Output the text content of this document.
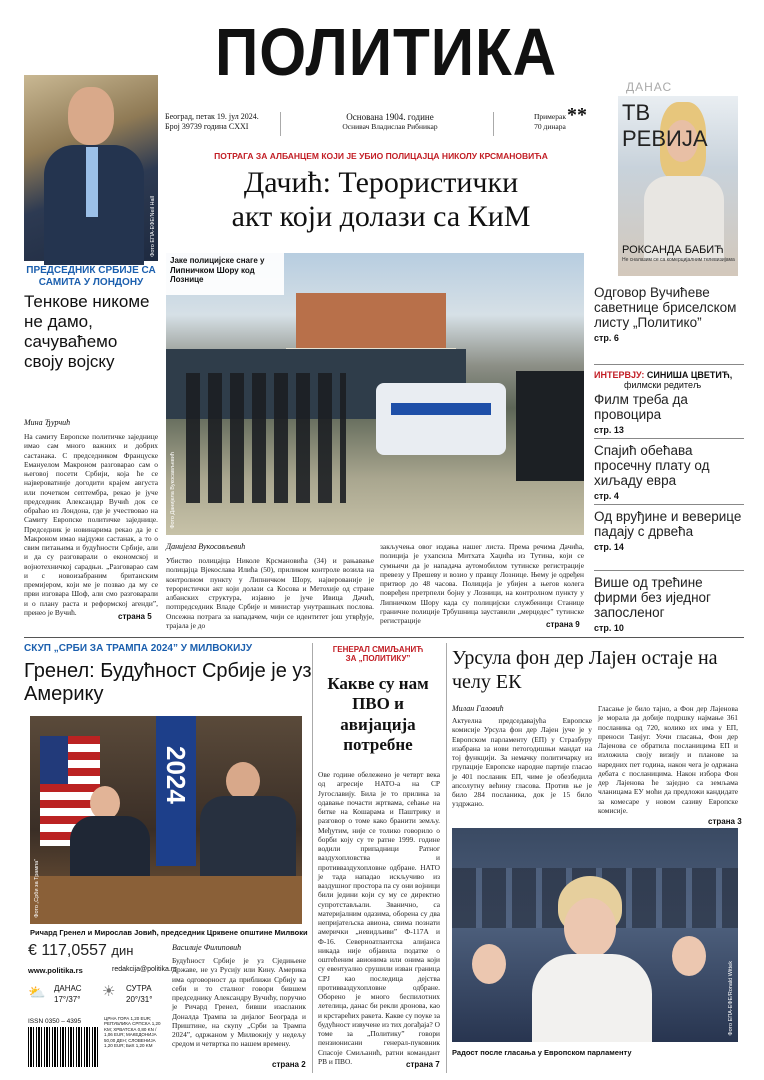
ПОЛИТИКА
Београд, петак 19. јул 2024.
Број 39739 година CXXI
Основана 1904. године
Оснивач Владислав Рибникар
Примерак
70 динара
**
Фото ЕПА-ЕФЕ/Neil Hall
ПРЕДСЕДНИК СРБИЈЕ СА САМИТА У ЛОНДОНУ
Тенкове никоме не дамо, сачуваћемо своју војску
Мина Ђурчић
На самиту Европске политичке заједнице имао сам много важних и добрих састанака. С председником Француске Емануелом Макроном разговарао сам о његовој посети Србији, која ће се највероватније догодити крајем августа или почетком септембра, рекао је јуче председник Александар Вучић док се обраћао из Лондона, где је учествовао на Самиту Европске политичке заједнице. Председник је новинарима рекао да је с Макроном имао најдужи састанак, а то о свим питањима и будућности Србије, али и да су разговарали о економској и војнотехничкој сарадњи. „Разговарао сам и с новоизабраним британским премијером, који ме је позвао да му се први изговара Шоф, али смо разговарали и о плану раста и реформској агенди”, пренео је Вучић.	страна 5
ПОТРАГА ЗА АЛБАНЦЕМ КОЈИ ЈЕ УБИО ПОЛИЦАЈЦА НИКОЛУ КРСМАНОВИЋА
Дачић: Терористички
акт који долази са КиМ
Јаке полицијске снаге у Липничком Шору код Лознице
Фото Данијела Вукосављевић
Данијела Вукосављевић
Убиство полицајца Николе Крсмановића (34) и рањавање полицајца Вјекослава Илића (50), приликом контроле возила на контролном пункту у Липничком Шору, најверованије је терористички акт који долази са Косова и Метохије од стране албанских структура, изјавио је јуче Ивица Дачић, потпредседник Владе Србије и министар унутрашњих послова. Опсежна потрага за нападачем, чији се идентитет још утврђује, трајала је до
закључења овог издања нашег листа. Према речима Дачића, полиција је ухапсила Митхата Хаџића из Тутина, који се сумњичи да је нападача аутомобилом тутинске регистрације превезу у Прешеву и возио у правцу Лознице. Њему је одређен притвор до 48 часова. Полиција је убијен а његов колега повређен претрпели бојну у Лозници, на контролном пункту у Липничком Шору када су полицијски службеници Станице граничне полиције Трбушница зауставили „мерцедес” тутинске регистрације	страна 9
ДАНАС
ТВ РЕВИЈА
РОКСАНДА БАБИЋ
Не сналазим се са комерцијалним телевизијама
Одговор Вучићеве саветнице бриселском листу „Политико”
стр. 6
ИНТЕРВЈУ: СИНИША ЦВЕТИЋ,
филмски редитељ
Филм треба да провоцира
стр. 13
Спајић обећава просечну плату од хиљаду евра
стр. 4
Од вруђине и веверице падају с дрвећа
стр. 14
Више од трећине фирми без иједног запосленог
стр. 10
СКУП „СРБИ ЗА ТРАМПА 2024” У МИЛВОКИЈУ
Гренел: Будућност Србије је уз Америку
2024
Фото „Срби за Трампа”
Ричард Гренел и Мирослав Јовић, председник Црквене општине Милвоки
€ 117,0557 дин
www.politika.rs	redakcija@politika.rs
⛅ ДАНАС
17°/37° ☀ СУТРА
20°/31°
ISSN 0350 – 4395	ЦРНА ГОРА 1,20 EUR; РЕПУБЛИКА СРПСКА 1,20 KM; ХРВАТСКА 0,80 KN / 1,06 EUR; МАКЕДОНИЈА 50,00 ДЕН; СЛОВЕНИЈА 1,20 EUR; БиХ 1,20 KM
Василије Филиповић
Будућност Србије је уз Сједињене Државе, не уз Русију или Кину. Америка има одговорност да приближи Србију ка себи и то сталног говори бившем председнику Александру Вучићу, поручио је Ричард Гренел, бивши изасланик Доналда Трампа за дијалог Београда и Приштине, на скупу „Срби за Трампа 2024”, одржаном у Милвокију у недељу средом и четвртка по нашем времену.
страна 2
ГЕНЕРАЛ СМИЉАНИЋ
ЗА „ПОЛИТИКУ”
Какве су нам ПВО и авијација потребне
Ове године обележено је четврт века од агресије НАТО-а на СР Југославију. Била је то прилика за одавање почасти жртвама, сећање на битке на Кошарама и Паштрику и разговор о томе како бранити земљу. Међутим, није се толико говорило о борби коју су те ратне 1999. године водили припадници Ратног ваздухопловства и противваздухопловне одбране. НАТО је тада нападао искључиво из ваздушног простора па су они војници били једини који су му се директно супротстављали. Званично, са материјалним одазима, оборена су два непријатељска авиона, свима познати амерички „невидљиви” Ф-117А и Ф-16. Северноатлантска алијанса никада није објавила податке о оштећеним авионима или онима који су евентуално срушили изван граница СРЈ као последица дејства противваздухопловне одбране. Оборено је много беспилотних летелица, данас би рекли дронова, као и крстарећих ракета. Какве су поуке за будућност извучене из тих догађаја? О томе за „Политику” говори пензионисани генерал-пуковник Спасоје Смиљанић, ратни командант РВ и ПВО.	страна 7
Урсула фон дер Лајен остаје на челу ЕК
Милан Галовић
Актуелна председавајућа Европске комисије Урсула фон дер Лајен јуче је у Европском парламенту (ЕП) у Стразбуру изабрана за нови петогодишњи мандат на тој функцији. За немачку политичарку из групације Европске народне партије гласао је 401 посланик ЕП, чиме је обезбедила апсолутну већину гласова. Против ње је било 284 посланика, док је 15 било уздржано.
Гласање је било тајно, а Фон дер Лајенова је морала да добије подршку најмање 361 посланика од 720, колико их има у ЕП, преноси Танјуг. Уочи гласања, Фон дер Лајенова се обратила посланицима ЕП и изложила своју визију и планове за наредних пет година, након чега је одржана дебата с посланицима. Након избора Фон дер Лајенова ће заједно са земљама чланицама ЕУ моћи да предложи кандидате за комесаре у новом сазиву Европске комисије.
страна 3
Фото ЕПА-ЕФЕ/Ronald Wittek
Радост после гласања у Европском парламенту
